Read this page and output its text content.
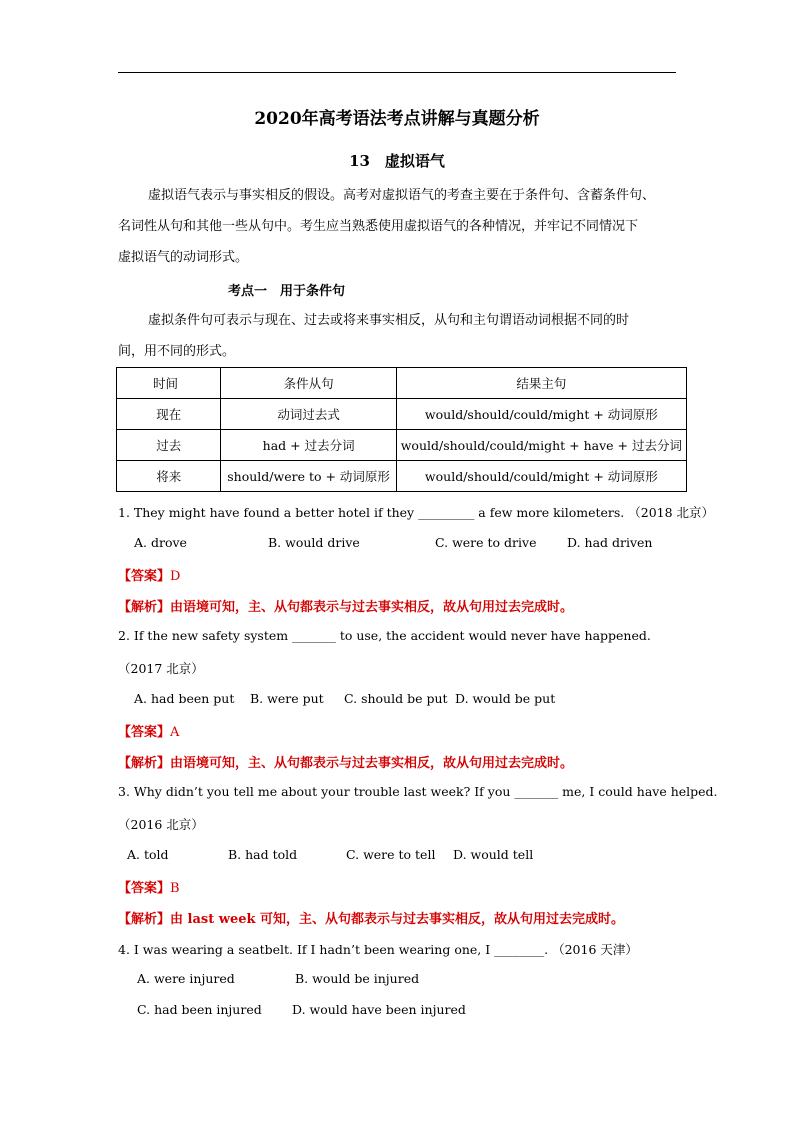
2020年高考语法考点讲解与真题分析
13　虚拟语气

虚拟语气表示与事实相反的假设。高考对虚拟语气的考查主要在于条件句、含蓄条件句、
名词性从句和其他一些从句中。考生应当熟悉使用虚拟语气的各种情况，并牢记不同情况下
虚拟语气的动词形式。

考点一　用于条件句

虚拟条件句可表示与现在、过去或将来事实相反，从句和主句谓语动词根据不同的时
间，用不同的形式。

时间	条件从句	结果主句
现在	动词过去式	would/should/could/might + 动词原形
过去	had + 过去分词	would/should/could/might + have + 过去分词
将来	should/were to + 动词原形	would/should/could/might + 动词原形
1. They might have found a better hotel if they _________ a few more kilometers. （2018 北京）
A. drove	B. would drive	C. were to drive D. had driven
【答案】D
【解析】由语境可知，主、从句都表示与过去事实相反，故从句用过去完成时。
2. If the new safety system _______ to use, the accident would never have happened.
（2017 北京）
A. had been put B. were put C. should be put D. would be put
【答案】A
【解析】由语境可知，主、从句都表示与过去事实相反，故从句用过去完成时。
3. Why didn’t you tell me about your trouble last week? If you _______ me, I could have helped.
（2016 北京）
A. told	B. had told	C. were to tell D. would tell
【答案】B
【解析】由 last week 可知，主、从句都表示与过去事实相反，故从句用过去完成时。
4. I was wearing a seatbelt. If I hadn’t been wearing one, I ________. （2016 天津）
A. were injured	B. would be injured
C. had been injured D. would have been injured
